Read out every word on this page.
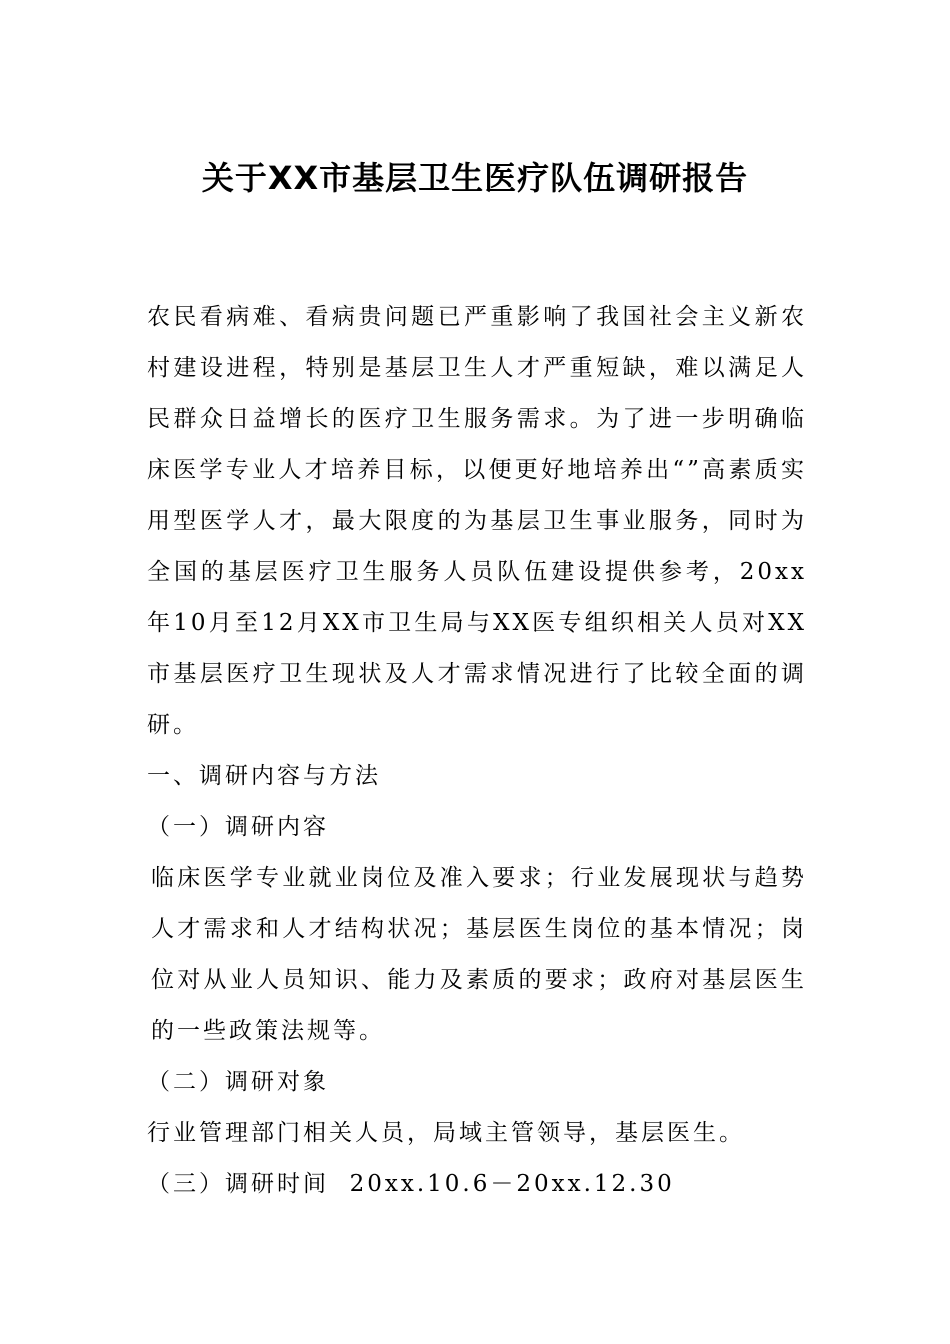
关于XX市基层卫生医疗队伍调研报告

农民看病难、看病贵问题已严重影响了我国社会主义新农村建设进程，特别是基层卫生人才严重短缺，难以满足人民群众日益增长的医疗卫生服务需求。为了进一步明确临床医学专业人才培养目标，以便更好地培养出“”高素质实用型医学人才，最大限度的为基层卫生事业服务，同时为全国的基层医疗卫生服务人员队伍建设提供参考，20xx年10月至12月XX市卫生局与XX医专组织相关人员对XX市基层医疗卫生现状及人才需求情况进行了比较全面的调研。

一、调研内容与方法

（一）调研内容

临床医学专业就业岗位及准入要求；行业发展现状与趋势人才需求和人才结构状况；基层医生岗位的基本情况；岗位对从业人员知识、能力及素质的要求；政府对基层医生的一些政策法规等。

（二）调研对象

行业管理部门相关人员，局域主管领导，基层医生。

（三）调研时间 20xx.10.6－20xx.12.30
